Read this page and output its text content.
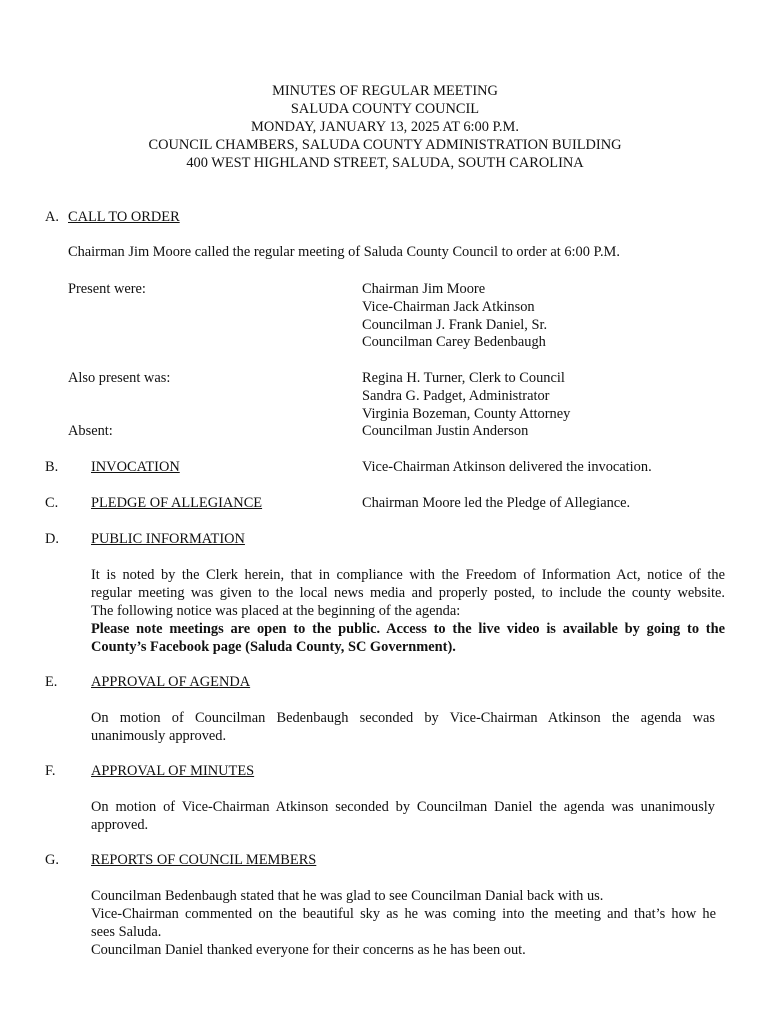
MINUTES OF REGULAR MEETING
SALUDA COUNTY COUNCIL
MONDAY, JANUARY 13, 2025 AT 6:00 P.M.
COUNCIL CHAMBERS, SALUDA COUNTY ADMINISTRATION BUILDING
400 WEST HIGHLAND STREET, SALUDA, SOUTH CAROLINA
A. CALL TO ORDER
Chairman Jim Moore called the regular meeting of Saluda County Council to order at 6:00 P.M.
Present were:	Chairman Jim Moore
Vice-Chairman Jack Atkinson
Councilman J. Frank Daniel, Sr.
Councilman Carey Bedenbaugh
Also present was:	Regina H. Turner, Clerk to Council
Sandra G. Padget, Administrator
Virginia Bozeman, County Attorney
Absent:	Councilman Justin Anderson
B. INVOCATION	Vice-Chairman Atkinson delivered the invocation.
C. PLEDGE OF ALLEGIANCE	Chairman Moore led the Pledge of Allegiance.
D. PUBLIC INFORMATION
It is noted by the Clerk herein, that in compliance with the Freedom of Information Act, notice of the
regular meeting was given to the local news media and properly posted, to include the county website.
The following notice was placed at the beginning of the agenda:
Please note meetings are open to the public. Access to the live video is available by going to the
County’s Facebook page (Saluda County, SC Government).
E. APPROVAL OF AGENDA
On motion of Councilman Bedenbaugh seconded by Vice-Chairman Atkinson the agenda was
unanimously approved.
F. APPROVAL OF MINUTES
On motion of Vice-Chairman Atkinson seconded by Councilman Daniel the agenda was unanimously
approved.
G. REPORTS OF COUNCIL MEMBERS
Councilman Bedenbaugh stated that he was glad to see Councilman Danial back with us.
Vice-Chairman commented on the beautiful sky as he was coming into the meeting and that’s how he
sees Saluda.
Councilman Daniel thanked everyone for their concerns as he has been out.
